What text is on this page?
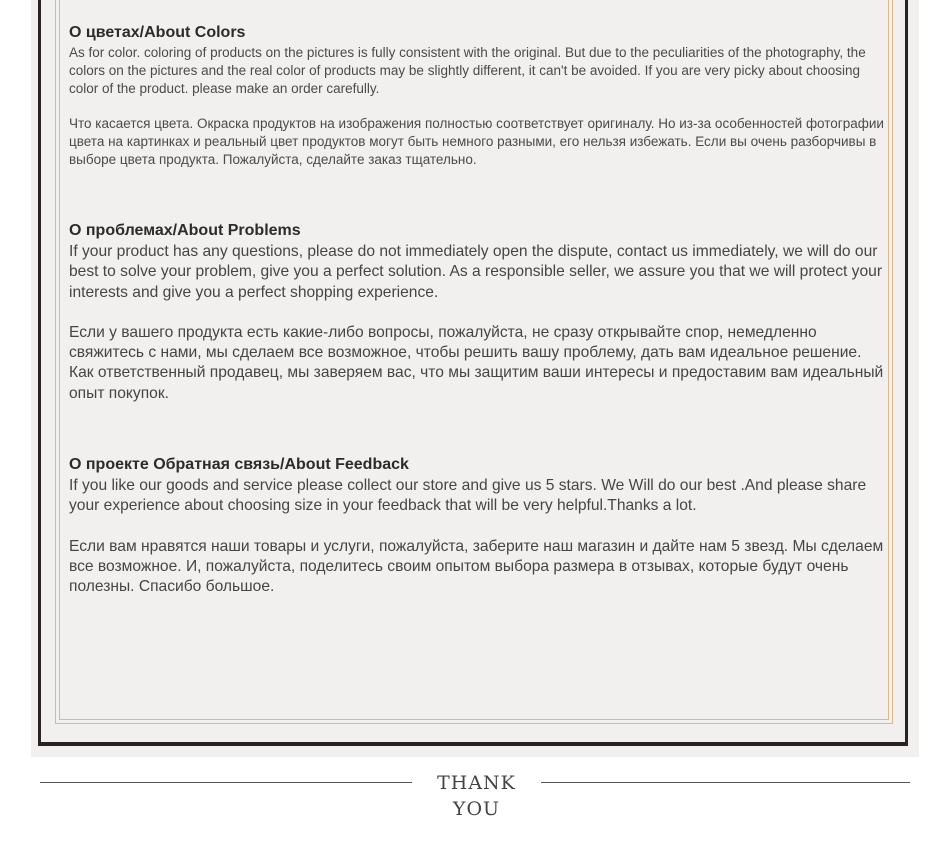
О цветах/About Colors

As for color. coloring of products on the pictures is fully consistent with the original. But due to the peculiarities of the photography, the colors on the pictures and the real color of products may be slightly different, it can't be avoided. If you are very picky about choosing color of the product. please make an order carefully.

Что касается цвета. Окраска продуктов на изображения полностью соответствует оригиналу. Но из-за особенностей фотографии цвета на картинках и реальный цвет продуктов могут быть немного разными, его нельзя избежать. Если вы очень разборчивы в выборе цвета продукта. Пожалуйста, сделайте заказ тщательно.

О проблемах/About Problems

If your product has any questions, please do not immediately open the dispute, contact us immediately, we will do our best to solve your problem, give you a perfect solution. As a responsible seller, we assure you that we will protect your interests and give you a perfect shopping experience.

Если у вашего продукта есть какие-либо вопросы, пожалуйста, не сразу открывайте спор, немедленно свяжитесь с нами, мы сделаем все возможное, чтобы решить вашу проблему, дать вам идеальное решение. Как ответственный продавец, мы заверяем вас, что мы защитим ваши интересы и предоставим вам идеальный опыт покупок.

О проекте Обратная связь/About Feedback

If you like our goods and service please collect our store and give us 5 stars. We Will do our best .And please share your experience about choosing size in your feedback that will be very helpful.Thanks a lot.

Если вам нравятся наши товары и услуги, пожалуйста, заберите наш магазин и дайте нам 5 звезд. Мы сделаем все возможное. И, пожалуйста, поделитесь своим опытом выбора размера в отзывах, которые будут очень полезны. Спасибо большое.

THANK YOU
